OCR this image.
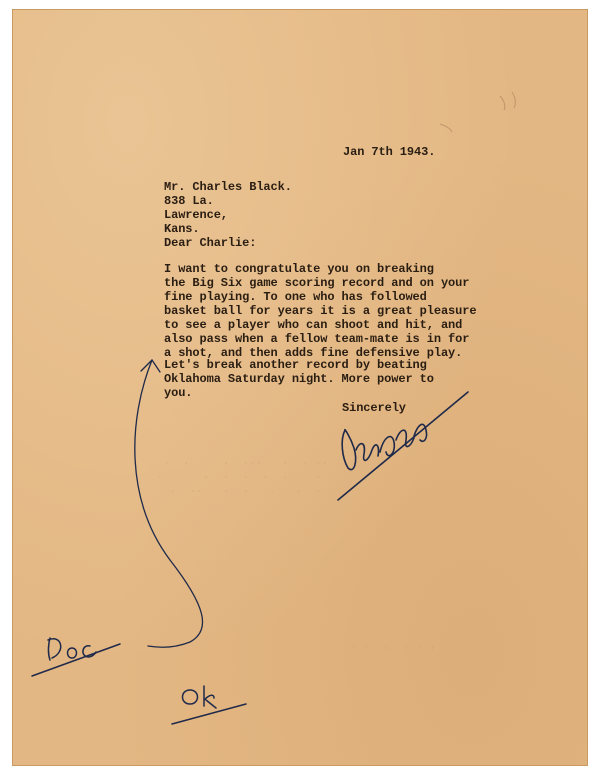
.  .     .  ...   .  . ..
.      .  .  .  .  .    .
.  ..   .  .   .   .  .
' '  '  ' ' '
Jan 7th 1943.
Mr. Charles Black.
838 La.
Lawrence,
Kans.
Dear Charlie:
I want to congratulate you on breaking
the Big Six game scoring record and on your
fine playing. To one who has followed
basket ball for years it is a great pleasure
to see a player who can shoot and hit, and
also pass when a fellow team-mate is in for
a shot, and then adds fine defensive play.
Let's break another record by beating
Oklahoma Saturday night. More power to
you.
Sincerely
